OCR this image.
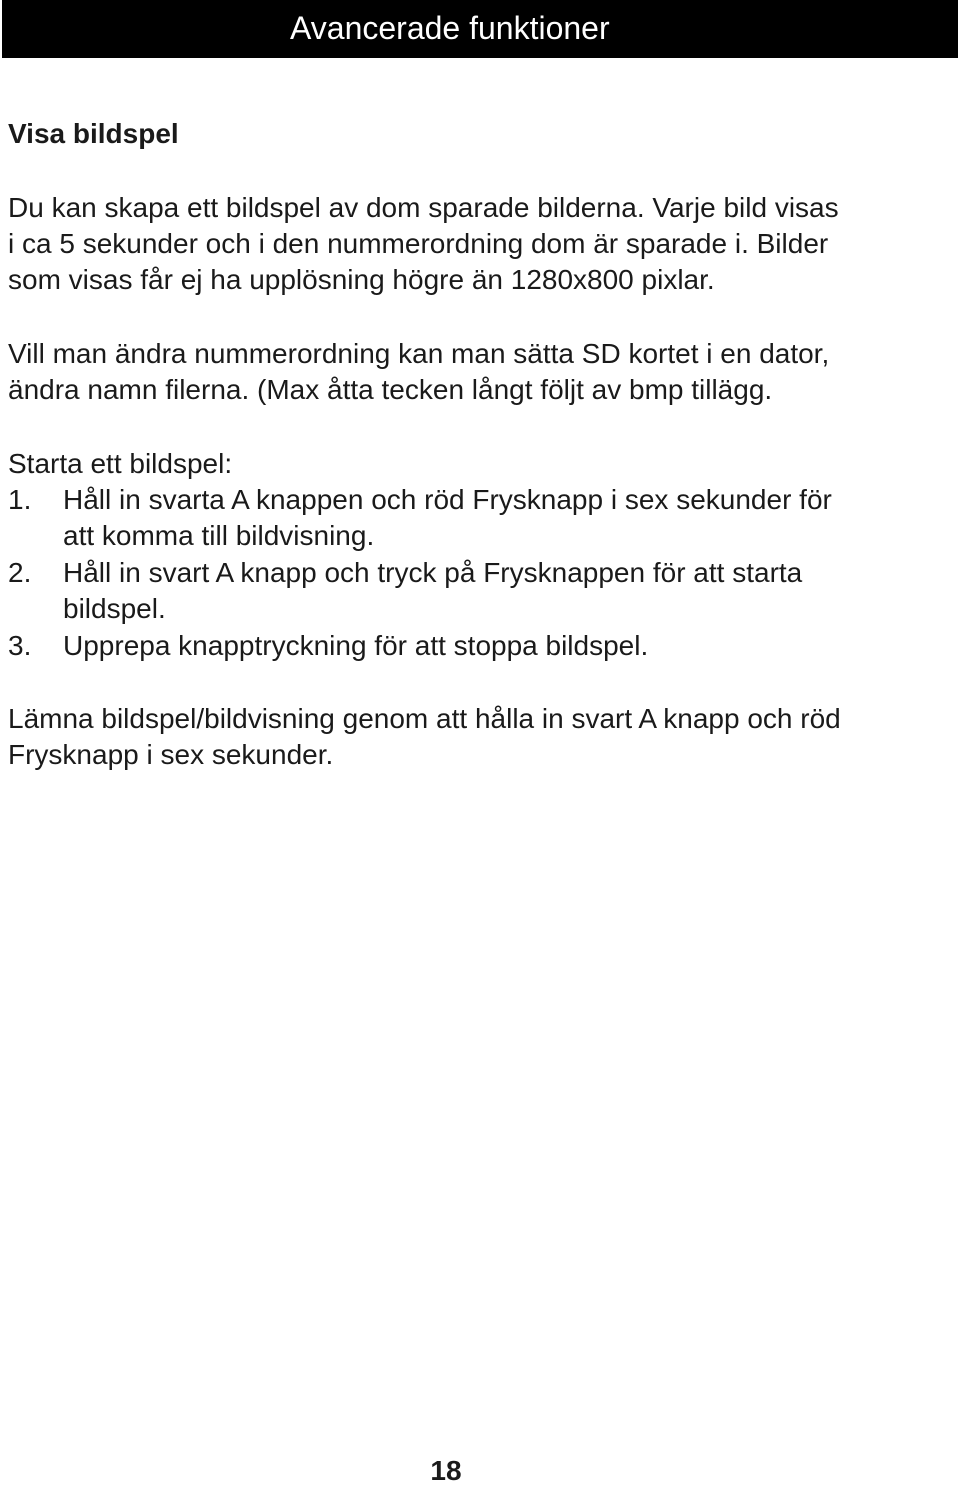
Avancerade funktioner
Visa bildspel

Du kan skapa ett bildspel av dom sparade bilderna. Varje bild visas

i ca 5 sekunder och i den nummerordning dom är sparade i. Bilder

som visas får ej ha upplösning högre än 1280x800 pixlar.

Vill man ändra nummerordning kan man sätta SD kortet i en dator,

ändra namn filerna. (Max åtta tecken långt följt av bmp tillägg.

Starta ett bildspel:

1. Håll in svarta A knappen och röd Frysknapp i sex sekunder för
att komma till bildvisning.
2. Håll in svart A knapp och tryck på Frysknappen för att starta
bildspel.
3. Upprepa knapptryckning för att stoppa bildspel.

Lämna bildspel/bildvisning genom att hålla in svart A knapp och röd

Frysknapp i sex sekunder.

18
